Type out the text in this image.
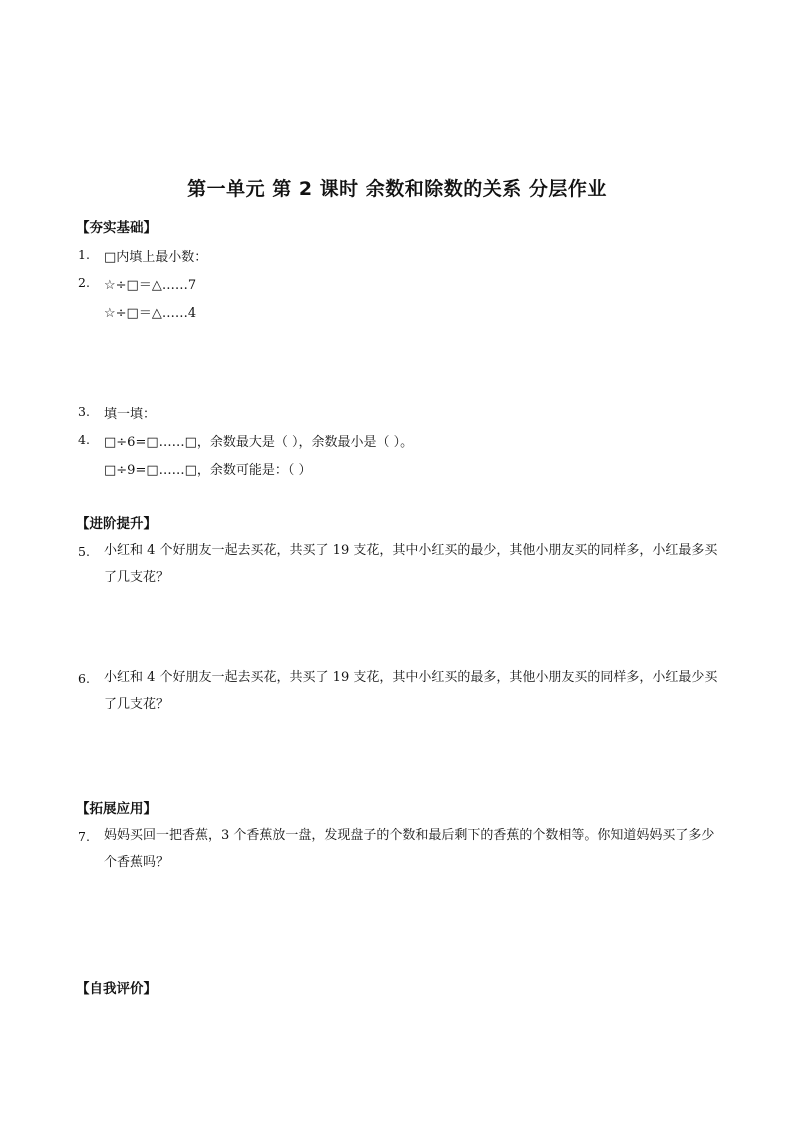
第一单元 第 2 课时 余数和除数的关系 分层作业
【夯实基础】
1. □内填上最小数：
2. ☆÷□＝△……7
☆÷□＝△……4
3. 填一填：
4. □÷6=□……□，余数最大是（ ），余数最小是（ ）。
□÷9=□……□，余数可能是：（ ）
【进阶提升】
5. 小红和 4 个好朋友一起去买花，共买了 19 支花，其中小红买的最少，其他小朋友买的同样多，小红最多买了几支花？
6. 小红和 4 个好朋友一起去买花，共买了 19 支花，其中小红买的最多，其他小朋友买的同样多，小红最少买了几支花？
【拓展应用】
7. 妈妈买回一把香蕉，3 个香蕉放一盘，发现盘子的个数和最后剩下的香蕉的个数相等。你知道妈妈买了多少个香蕉吗？
【自我评价】
